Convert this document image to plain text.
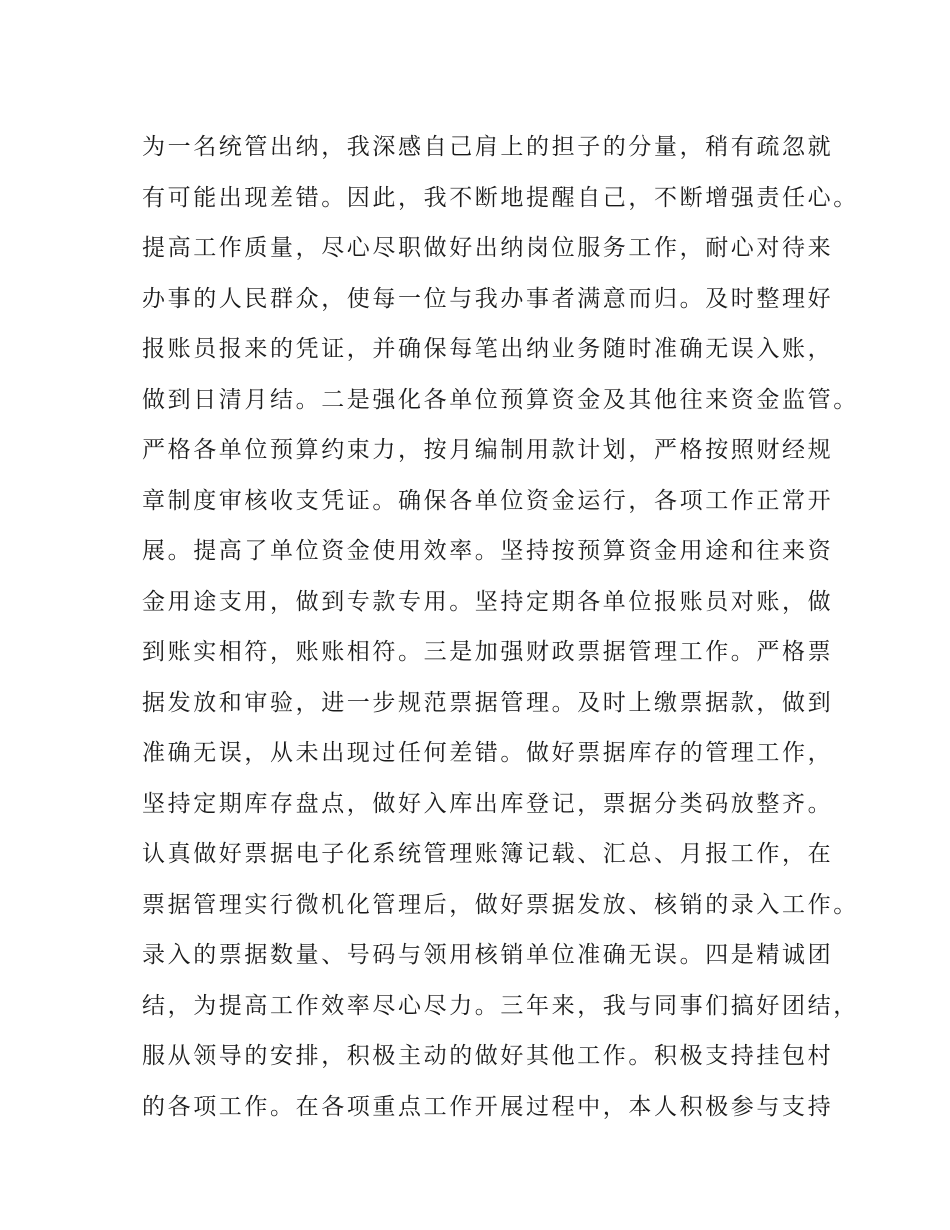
为一名统管出纳，我深感自己肩上的担子的分量，稍有疏忽就
有可能出现差错。因此，我不断地提醒自己，不断增强责任心。
提高工作质量，尽心尽职做好出纳岗位服务工作，耐心对待来
办事的人民群众，使每一位与我办事者满意而归。及时整理好
报账员报来的凭证，并确保每笔出纳业务随时准确无误入账，
做到日清月结。二是强化各单位预算资金及其他往来资金监管。
严格各单位预算约束力，按月编制用款计划，严格按照财经规
章制度审核收支凭证。确保各单位资金运行，各项工作正常开
展。提高了单位资金使用效率。坚持按预算资金用途和往来资
金用途支用，做到专款专用。坚持定期各单位报账员对账，做
到账实相符，账账相符。三是加强财政票据管理工作。严格票
据发放和审验，进一步规范票据管理。及时上缴票据款，做到
准确无误，从未出现过任何差错。做好票据库存的管理工作，
坚持定期库存盘点，做好入库出库登记，票据分类码放整齐。
认真做好票据电子化系统管理账簿记载、汇总、月报工作，在
票据管理实行微机化管理后，做好票据发放、核销的录入工作。
录入的票据数量、号码与领用核销单位准确无误。四是精诚团
结，为提高工作效率尽心尽力。三年来，我与同事们搞好团结，
服从领导的安排，积极主动的做好其他工作。积极支持挂包村
的各项工作。在各项重点工作开展过程中，本人积极参与支持
